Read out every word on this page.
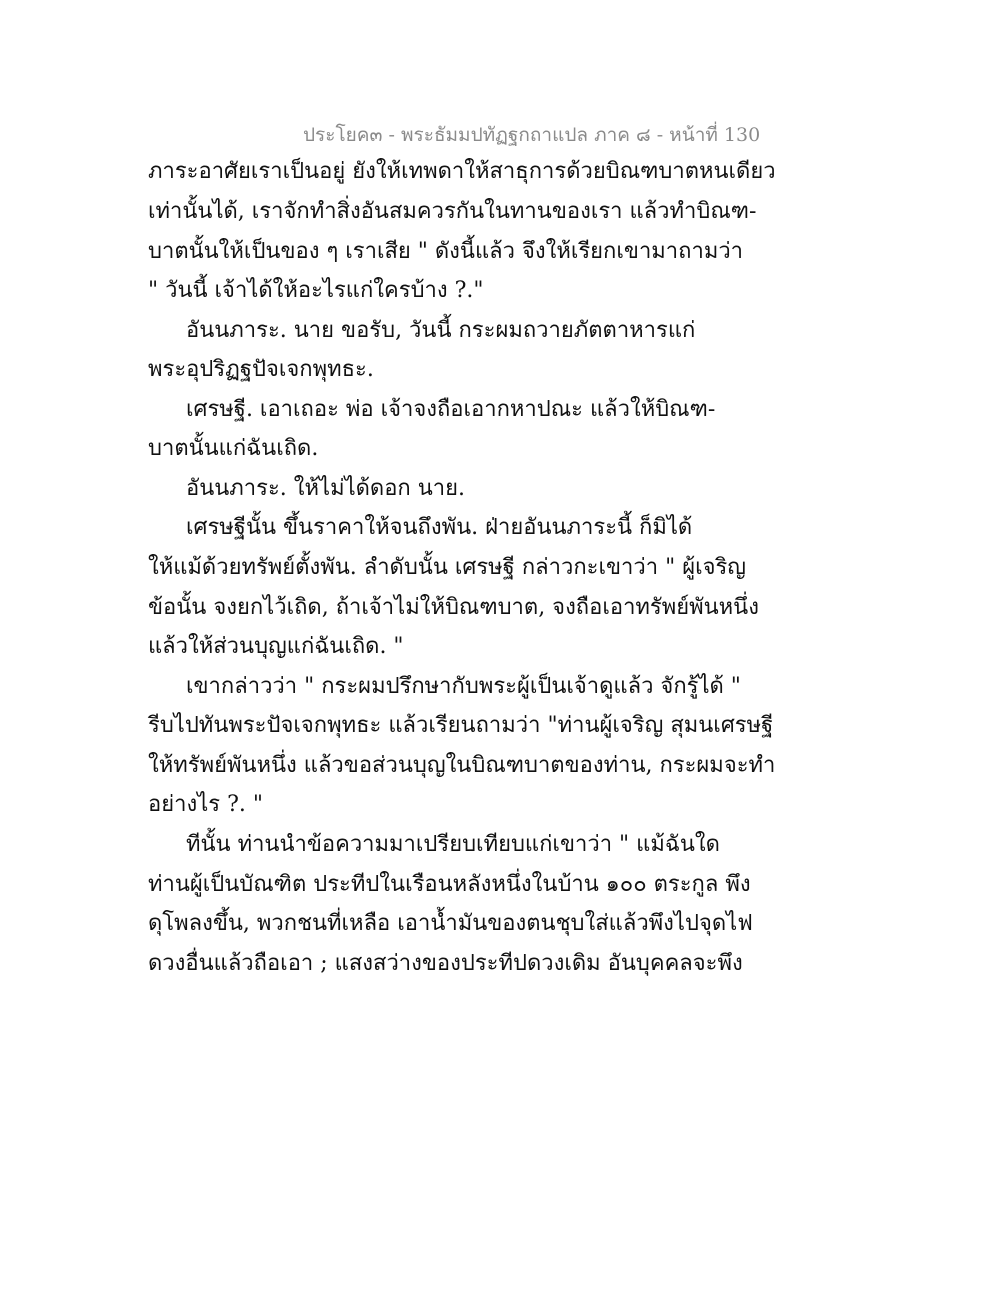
ประโยค๓ - พระธัมมปทัฏฐกถาแปล ภาค ๘ - หน้าที่ 130
ภาระอาศัยเราเป็นอยู่ ยังให้เทพดาให้สาธุการด้วยบิณฑบาตหนเดียว
เท่านั้นได้, เราจักทำสิ่งอันสมควรกันในทานของเรา แล้วทำบิณฑ-
บาตนั้นให้เป็นของ ๆ เราเสีย " ดังนี้แล้ว จึงให้เรียกเขามาถามว่า
" วันนี้ เจ้าได้ให้อะไรแก่ใครบ้าง ?."
อันนภาระ. นาย ขอรับ, วันนี้ กระผมถวายภัตตาหารแก่
พระอุปริฏฐปัจเจกพุทธะ.
เศรษฐี. เอาเถอะ พ่อ เจ้าจงถือเอากหาปณะ แล้วให้บิณฑ-
บาตนั้นแก่ฉันเถิด.
อันนภาระ. ให้ไม่ได้ดอก นาย.
เศรษฐีนั้น ขึ้นราคาให้จนถึงพัน. ฝ่ายอันนภาระนี้ ก็มิได้
ให้แม้ด้วยทรัพย์ตั้งพัน. ลำดับนั้น เศรษฐี กล่าวกะเขาว่า " ผู้เจริญ
ข้อนั้น จงยกไว้เถิด, ถ้าเจ้าไม่ให้บิณฑบาต, จงถือเอาทรัพย์พันหนึ่ง
แล้วให้ส่วนบุญแก่ฉันเถิด. "
เขากล่าวว่า " กระผมปรึกษากับพระผู้เป็นเจ้าดูแล้ว จักรู้ได้ "
รีบไปทันพระปัจเจกพุทธะ แล้วเรียนถามว่า "ท่านผู้เจริญ สุมนเศรษฐี
ให้ทรัพย์พันหนึ่ง แล้วขอส่วนบุญในบิณฑบาตของท่าน, กระผมจะทำ
อย่างไร ?. "
ทีนั้น ท่านนำข้อความมาเปรียบเทียบแก่เขาว่า " แม้ฉันใด
ท่านผู้เป็นบัณฑิต ประทีปในเรือนหลังหนึ่งในบ้าน ๑๐๐ ตระกูล พึง
ดุโพลงขึ้น, พวกชนที่เหลือ เอาน้ำมันของตนชุบใส่แล้วพึงไปจุดไฟ
ดวงอื่นแล้วถือเอา ; แสงสว่างของประทีปดวงเดิม อันบุคคลจะพึง
